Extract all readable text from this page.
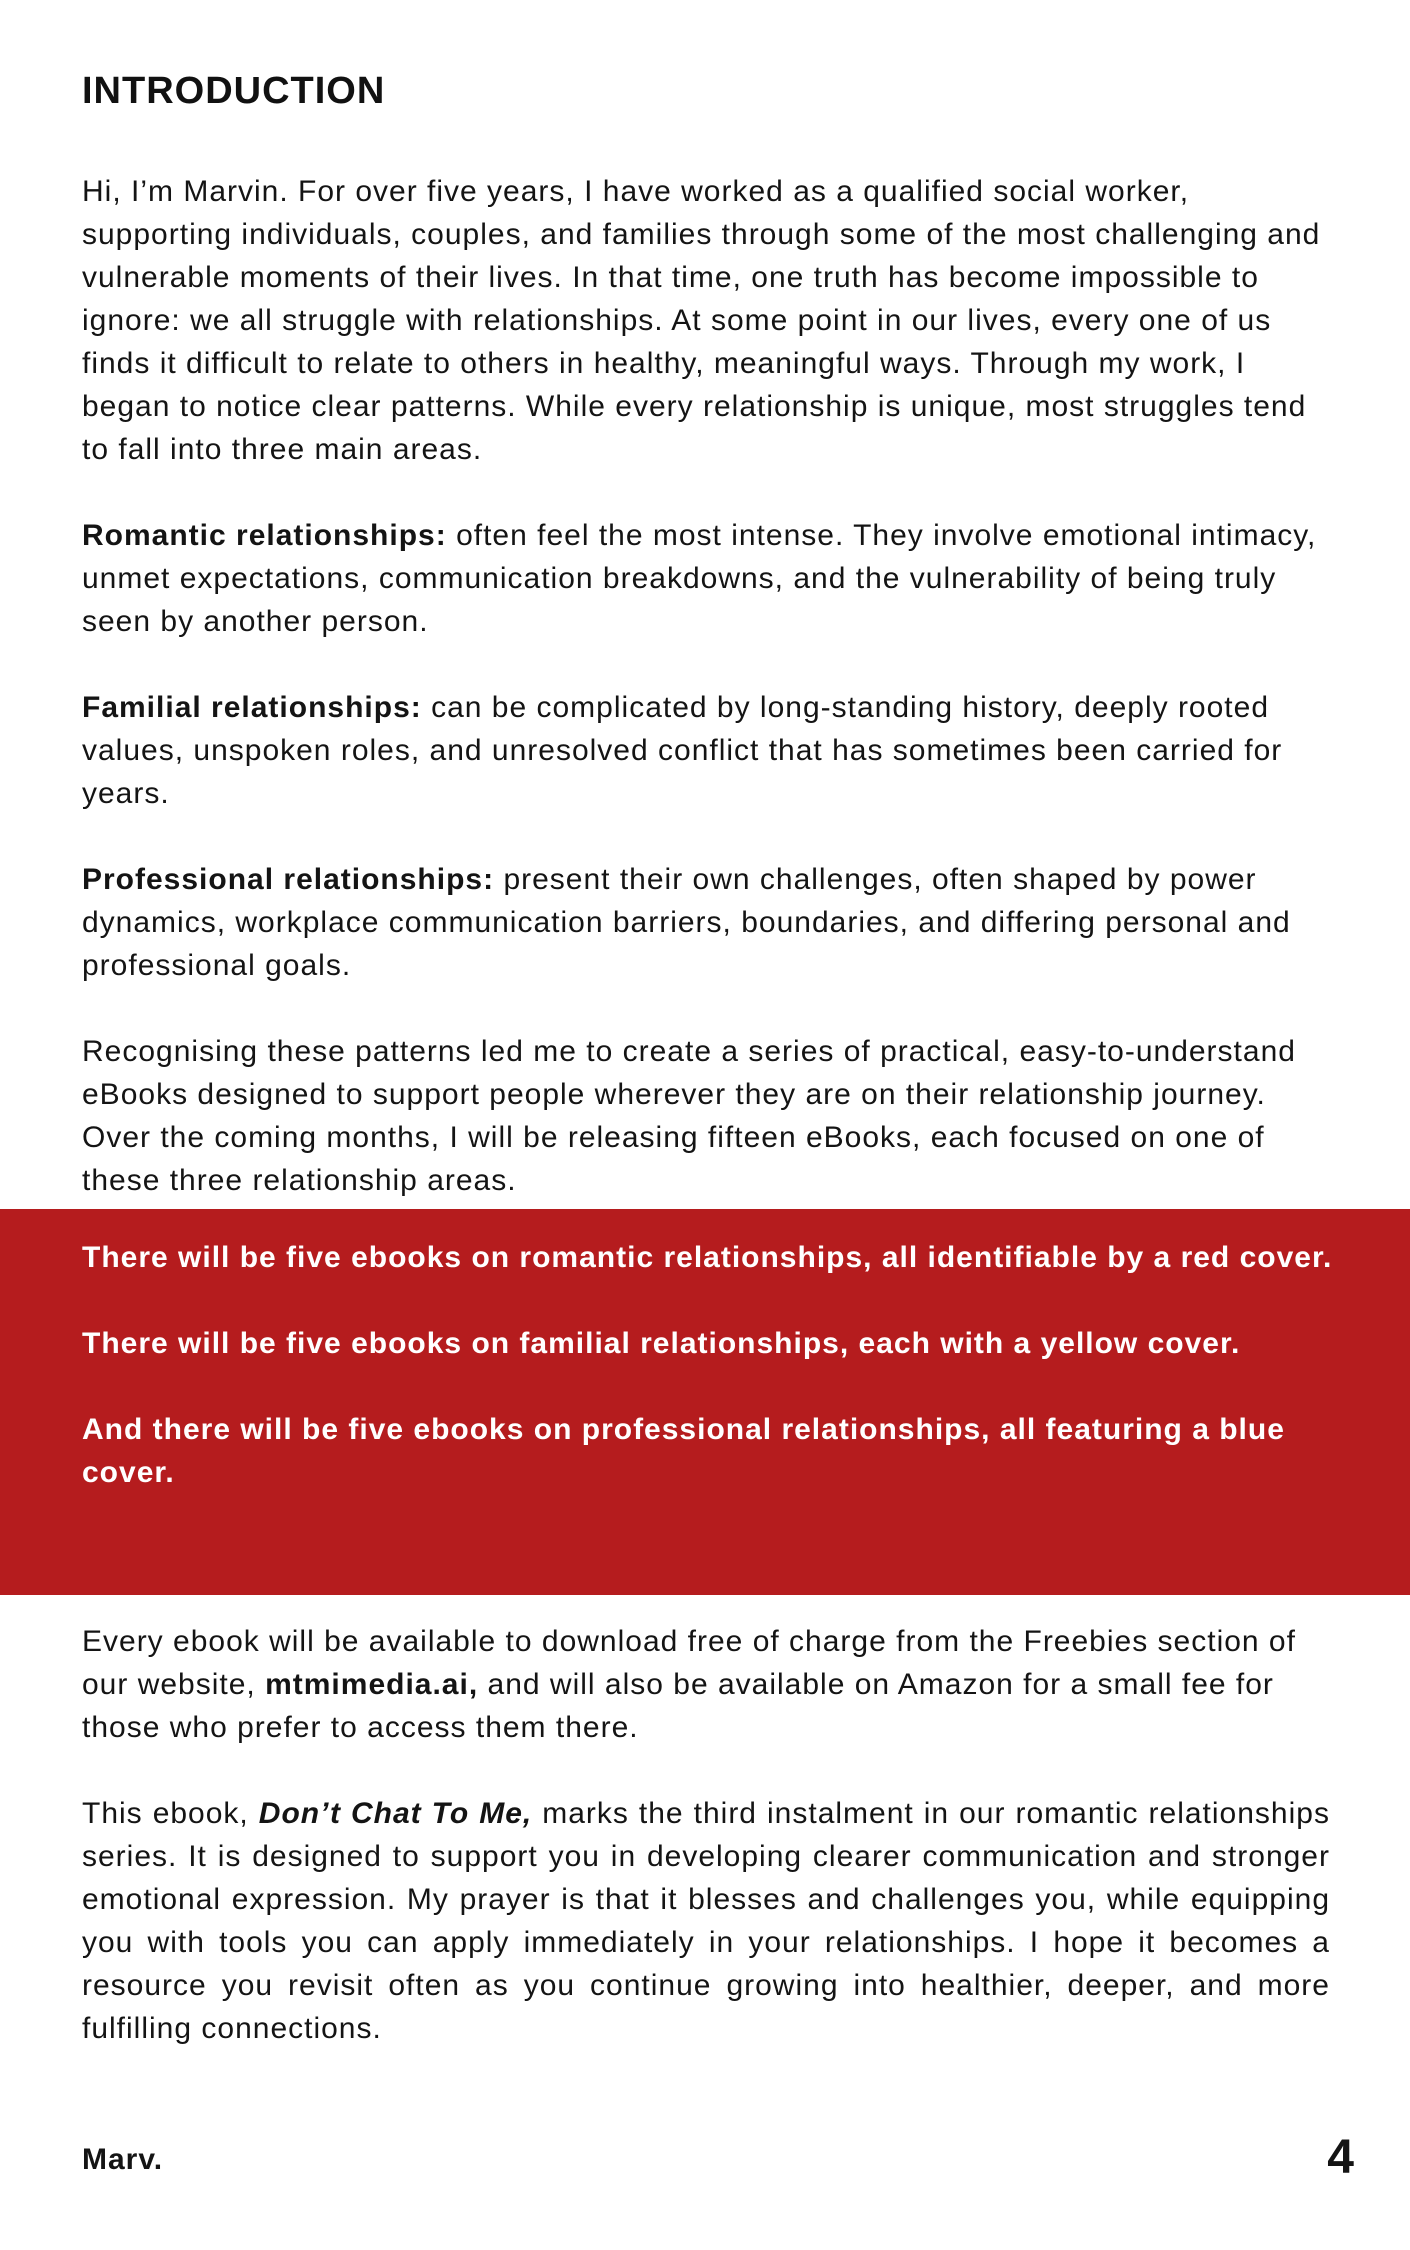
INTRODUCTION

Hi, I’m Marvin. For over five years, I have worked as a qualified social worker, supporting individuals, couples, and families through some of the most challenging and vulnerable moments of their lives. In that time, one truth has become impossible to ignore: we all struggle with relationships. At some point in our lives, every one of us finds it difficult to relate to others in healthy, meaningful ways. Through my work, I began to notice clear patterns. While every relationship is unique, most struggles tend to fall into three main areas.

Romantic relationships: often feel the most intense. They involve emotional intimacy, unmet expectations, communication breakdowns, and the vulnerability of being truly seen by another person.

Familial relationships: can be complicated by long-standing history, deeply rooted values, unspoken roles, and unresolved conflict that has sometimes been carried for years.

Professional relationships: present their own challenges, often shaped by power dynamics, workplace communication barriers, boundaries, and differing personal and professional goals.

Recognising these patterns led me to create a series of practical, easy-to-understand eBooks designed to support people wherever they are on their relationship journey. Over the coming months, I will be releasing fifteen eBooks, each focused on one of these three relationship areas.

There will be five ebooks on romantic relationships, all identifiable by a red cover.

There will be five ebooks on familial relationships, each with a yellow cover.

And there will be five ebooks on professional relationships, all featuring a blue cover.

Every ebook will be available to download free of charge from the Freebies section of our website, mtmimedia.ai, and will also be available on Amazon for a small fee for those who prefer to access them there.

This ebook, Don’t Chat To Me, marks the third instalment in our romantic relationships series. It is designed to support you in developing clearer communication and stronger emotional expression. My prayer is that it blesses and challenges you, while equipping you with tools you can apply immediately in your relationships. I hope it becomes a resource you revisit often as you continue growing into healthier, deeper, and more fulfilling connections.

Marv.	4
